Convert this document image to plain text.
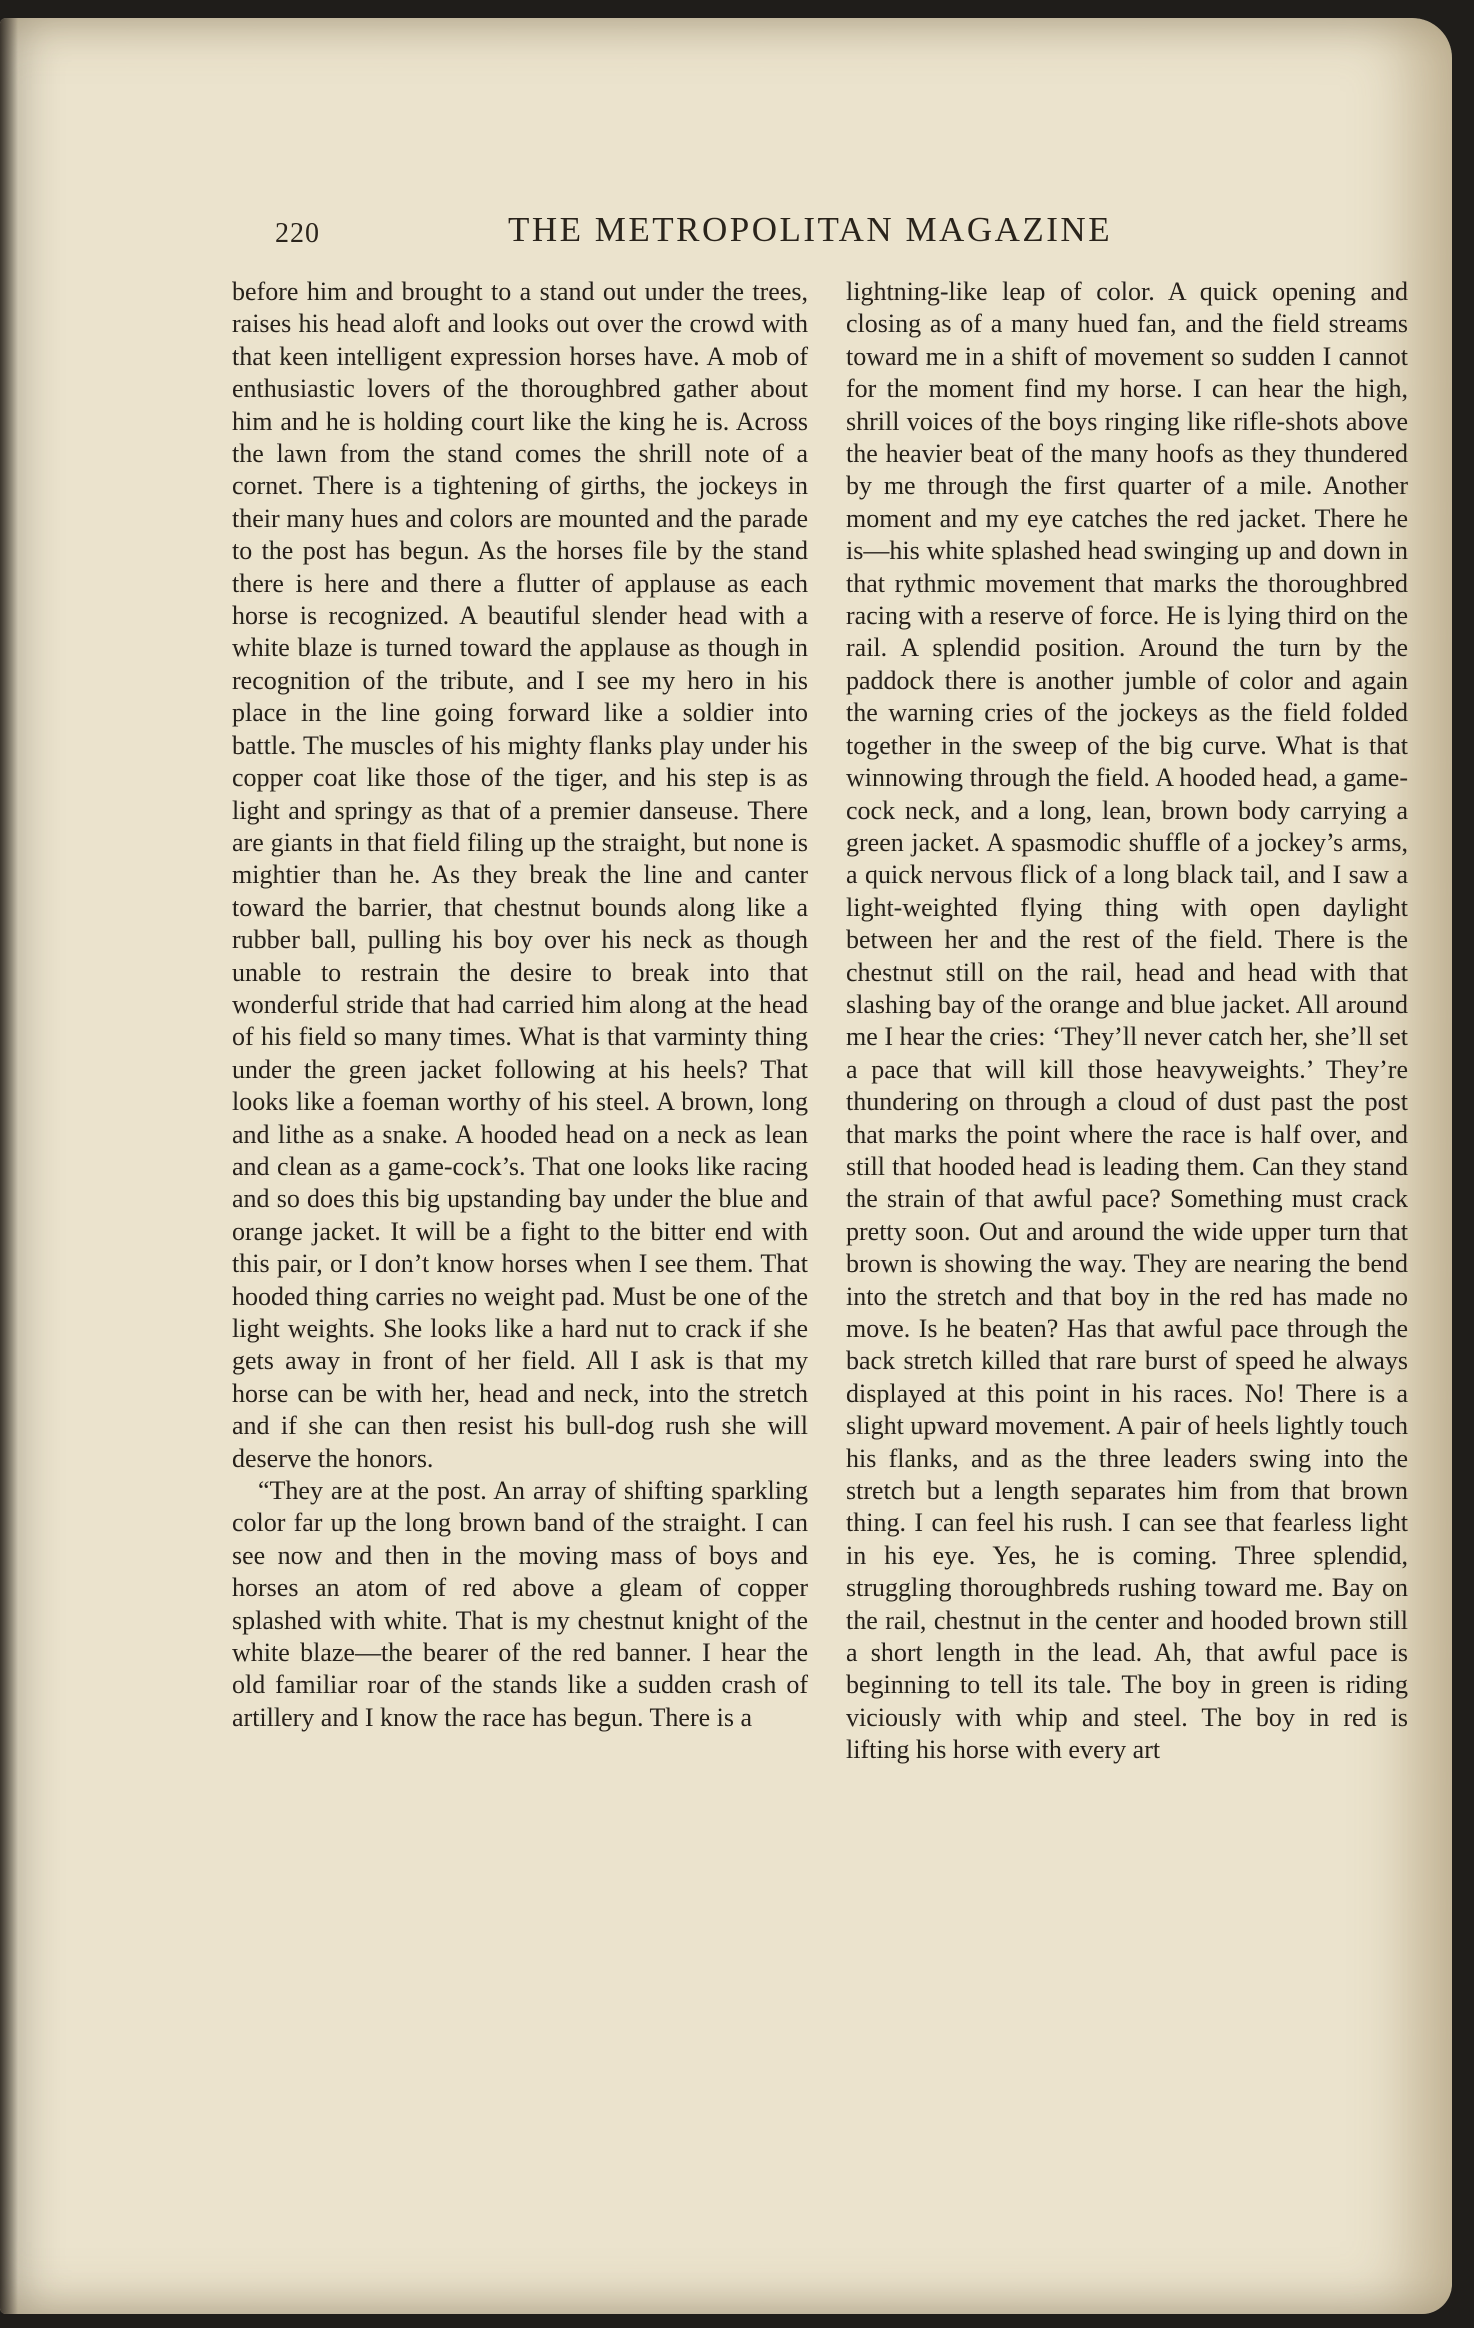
220	THE METROPOLITAN MAGAZINE

before him and brought to a stand out under the trees, raises his head aloft and looks out over the crowd with that keen intelligent expression horses have. A mob of enthusiastic lovers of the thoroughbred gather about him and he is holding court like the king he is. Across the lawn from the stand comes the shrill note of a cornet. There is a tightening of girths, the jockeys in their many hues and colors are mounted and the parade to the post has begun. As the horses file by the stand there is here and there a flutter of applause as each horse is recognized. A beautiful slender head with a white blaze is turned toward the applause as though in recognition of the tribute, and I see my hero in his place in the line going forward like a soldier into battle. The muscles of his mighty flanks play under his copper coat like those of the tiger, and his step is as light and springy as that of a premier danseuse. There are giants in that field filing up the straight, but none is mightier than he. As they break the line and canter toward the barrier, that chestnut bounds along like a rubber ball, pulling his boy over his neck as though unable to restrain the desire to break into that wonderful stride that had carried him along at the head of his field so many times. What is that varminty thing under the green jacket following at his heels? That looks like a foeman worthy of his steel. A brown, long and lithe as a snake. A hooded head on a neck as lean and clean as a game-cock’s. That one looks like racing and so does this big upstanding bay under the blue and orange jacket. It will be a fight to the bitter end with this pair, or I don’t know horses when I see them. That hooded thing carries no weight pad. Must be one of the light weights. She looks like a hard nut to crack if she gets away in front of her field. All I ask is that my horse can be with her, head and neck, into the stretch and if she can then resist his bull-dog rush she will deserve the honors.

“They are at the post. An array of shifting sparkling color far up the long brown band of the straight. I can see now and then in the moving mass of boys and horses an atom of red above a gleam of copper splashed with white. That is my chestnut knight of the white blaze—the bearer of the red banner. I hear the old familiar roar of the stands like a sudden crash of artillery and I know the race has begun. There is a

lightning-like leap of color. A quick opening and closing as of a many hued fan, and the field streams toward me in a shift of movement so sudden I cannot for the moment find my horse. I can hear the high, shrill voices of the boys ringing like rifle-shots above the heavier beat of the many hoofs as they thundered by me through the first quarter of a mile. Another moment and my eye catches the red jacket. There he is—his white splashed head swinging up and down in that rythmic movement that marks the thoroughbred racing with a reserve of force. He is lying third on the rail. A splendid position. Around the turn by the paddock there is another jumble of color and again the warning cries of the jockeys as the field folded together in the sweep of the big curve. What is that winnowing through the field. A hooded head, a game-cock neck, and a long, lean, brown body carrying a green jacket. A spasmodic shuffle of a jockey’s arms, a quick nervous flick of a long black tail, and I saw a light-weighted flying thing with open daylight between her and the rest of the field. There is the chestnut still on the rail, head and head with that slashing bay of the orange and blue jacket. All around me I hear the cries: ‘They’ll never catch her, she’ll set a pace that will kill those heavyweights.’ They’re thundering on through a cloud of dust past the post that marks the point where the race is half over, and still that hooded head is leading them. Can they stand the strain of that awful pace? Something must crack pretty soon. Out and around the wide upper turn that brown is showing the way. They are nearing the bend into the stretch and that boy in the red has made no move. Is he beaten? Has that awful pace through the back stretch killed that rare burst of speed he always displayed at this point in his races. No! There is a slight upward movement. A pair of heels lightly touch his flanks, and as the three leaders swing into the stretch but a length separates him from that brown thing. I can feel his rush. I can see that fearless light in his eye. Yes, he is coming. Three splendid, struggling thoroughbreds rushing toward me. Bay on the rail, chestnut in the center and hooded brown still a short length in the lead. Ah, that awful pace is beginning to tell its tale. The boy in green is riding viciously with whip and steel. The boy in red is lifting his horse with every art
